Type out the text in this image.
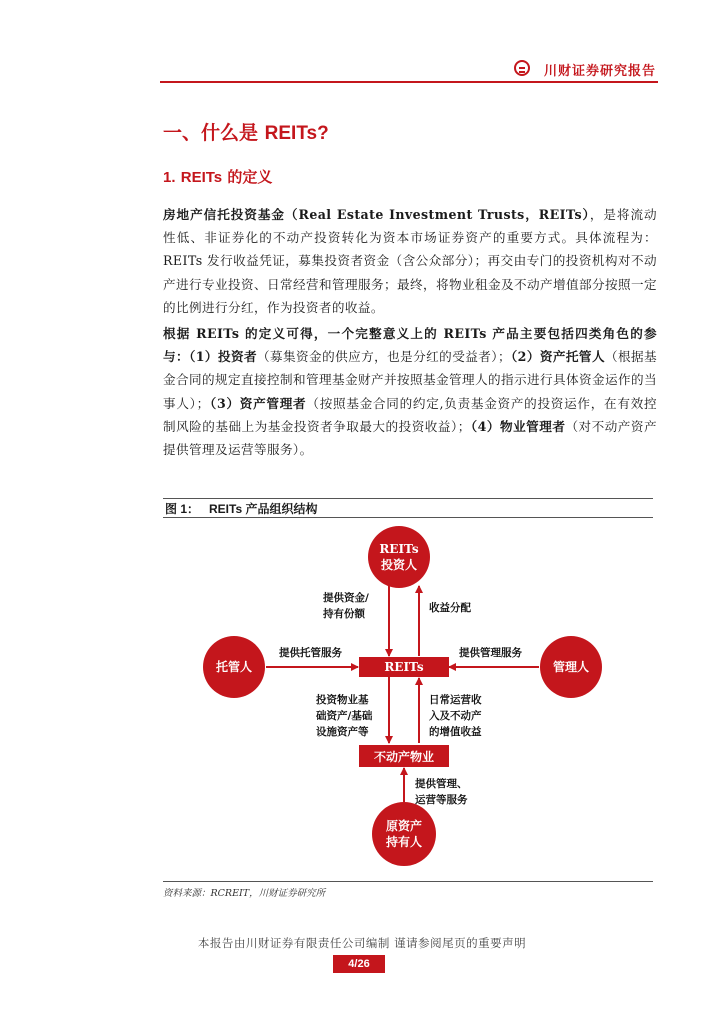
川财证券研究报告
一、什么是 REITs?
1. REITs 的定义
房地产信托投资基金（Real Estate Investment Trusts，REITs），是将流动性低、非证券化的不动产投资转化为资本市场证券资产的重要方式。具体流程为：REITs 发行收益凭证，募集投资者资金（含公众部分）；再交由专门的投资机构对不动产进行专业投资、日常经营和管理服务；最终，将物业租金及不动产增值部分按照一定的比例进行分红，作为投资者的收益。
根据 REITs 的定义可得，一个完整意义上的 REITs 产品主要包括四类角色的参与：（1）投资者（募集资金的供应方，也是分红的受益者）；（2）资产托管人（根据基金合同的规定直接控制和管理基金财产并按照基金管理人的指示进行具体资金运作的当事人）；（3）资产管理者（按照基金合同的约定,负责基金资产的投资运作，在有效控制风险的基础上为基金投资者争取最大的投资收益）；（4）物业管理者（对不动产资产提供管理及运营等服务）。
图 1： REITs 产品组织结构
REITs
投资人
托管人	REITs	管理人
不动产物业
原资产
持有人
提供资金/
持有份额	收益分配
提供托管服务	提供管理服务
投资物业基
础资产/基础
设施资产等
日常运营收
入及不动产
的增值收益
提供管理、
运营等服务
资料来源：RCREIT，川财证券研究所
本报告由川财证券有限责任公司编制 谨请参阅尾页的重要声明
4/26
